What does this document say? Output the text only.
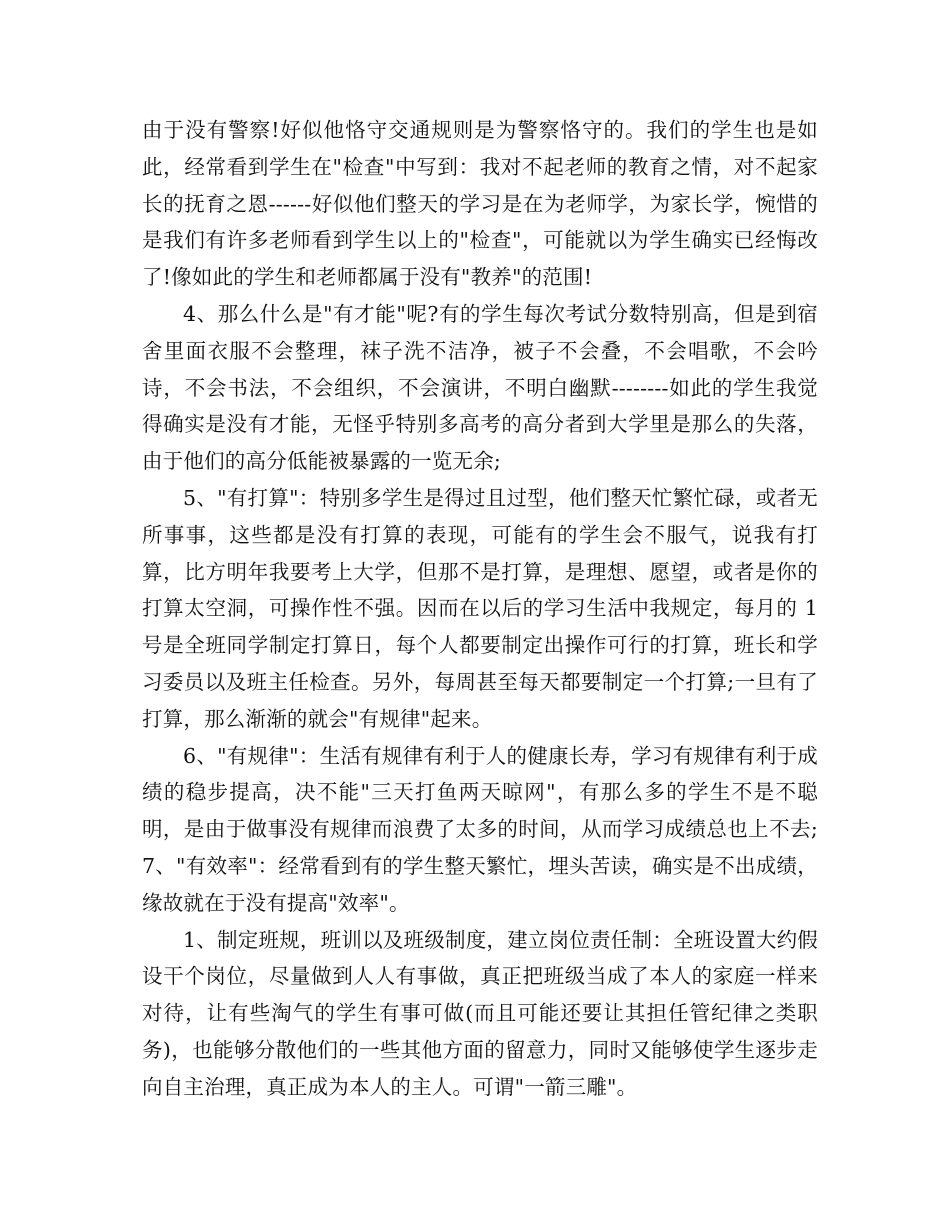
由于没有警察!好似他恪守交通规则是为警察恪守的。我们的学生也是如此，经常看到学生在"检查"中写到：我对不起老师的教育之情，对不起家长的抚育之恩------好似他们整天的学习是在为老师学，为家长学，惋惜的是我们有许多老师看到学生以上的"检查"，可能就以为学生确实已经悔改了!像如此的学生和老师都属于没有"教养"的范围!

4、那么什么是"有才能"呢?有的学生每次考试分数特别高，但是到宿舍里面衣服不会整理，袜子洗不洁净，被子不会叠，不会唱歌，不会吟诗，不会书法，不会组织，不会演讲，不明白幽默--------如此的学生我觉得确实是没有才能，无怪乎特别多高考的高分者到大学里是那么的失落，由于他们的高分低能被暴露的一览无余;

5、"有打算"：特别多学生是得过且过型，他们整天忙繁忙碌，或者无所事事，这些都是没有打算的表现，可能有的学生会不服气，说我有打算，比方明年我要考上大学，但那不是打算，是理想、愿望，或者是你的打算太空洞，可操作性不强。因而在以后的学习生活中我规定，每月的 1 号是全班同学制定打算日，每个人都要制定出操作可行的打算，班长和学习委员以及班主任检查。另外，每周甚至每天都要制定一个打算;一旦有了打算，那么渐渐的就会"有规律"起来。

6、"有规律"：生活有规律有利于人的健康长寿，学习有规律有利于成绩的稳步提高，决不能"三天打鱼两天晾网"，有那么多的学生不是不聪明，是由于做事没有规律而浪费了太多的时间，从而学习成绩总也上不去;7、"有效率"：经常看到有的学生整天繁忙，埋头苦读，确实是不出成绩，缘故就在于没有提高"效率"。

1、制定班规，班训以及班级制度，建立岗位责任制：全班设置大约假设干个岗位，尽量做到人人有事做，真正把班级当成了本人的家庭一样来对待，让有些淘气的学生有事可做(而且可能还要让其担任管纪律之类职务)，也能够分散他们的一些其他方面的留意力，同时又能够使学生逐步走向自主治理，真正成为本人的主人。可谓"一箭三雕"。
